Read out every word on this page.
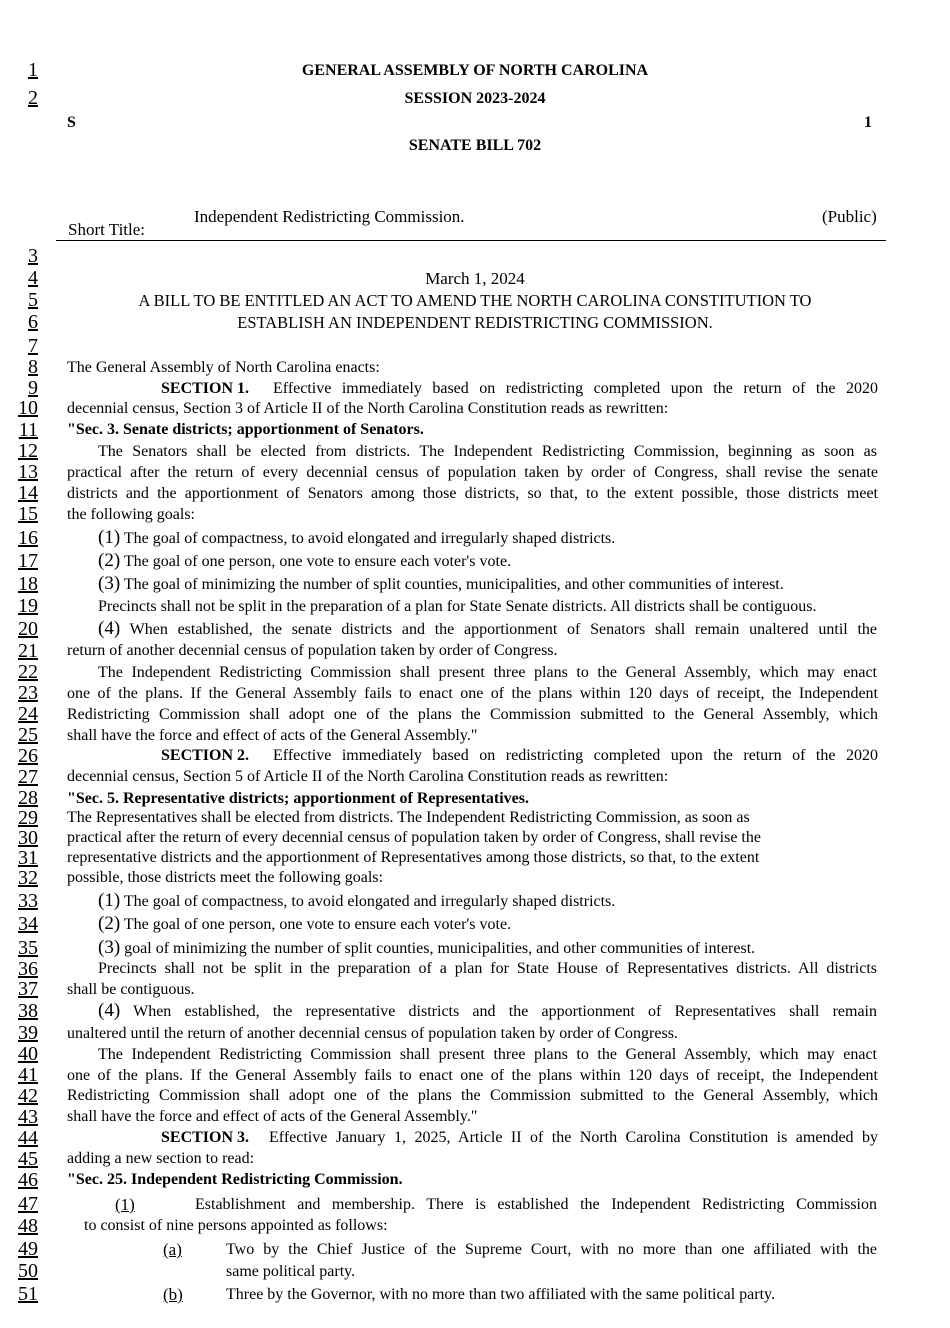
1
2
3
4
5
6
7
8
9
10
11
12
13
14
15
16
17
18
19
20
21
22
23
24
25
26
27
28
29
30
31
32
33
34
35
36
37
38
39
40
41
42
43
44
45
46
47
48
49
50
51
GENERAL ASSEMBLY OF NORTH CAROLINA
SESSION 2023-2024
S	1
SENATE BILL 702
Short Title:
Independent Redistricting Commission.	(Public)
March 1, 2024
A BILL TO BE ENTITLED AN ACT TO AMEND THE NORTH CAROLINA CONSTITUTION TO
ESTABLISH AN INDEPENDENT REDISTRICTING COMMISSION.
The General Assembly of North Carolina enacts:
SECTION 1. Effective immediately based on redistricting completed upon the return of the 2020
decennial census, Section 3 of Article II of the North Carolina Constitution reads as rewritten:
"Sec. 3. Senate districts; apportionment of Senators.
The Senators shall be elected from districts. The Independent Redistricting Commission, beginning as soon as
practical after the return of every decennial census of population taken by order of Congress, shall revise the senate
districts and the apportionment of Senators among those districts, so that, to the extent possible, those districts meet
the following goals:
(1) The goal of compactness, to avoid elongated and irregularly shaped districts.
(2) The goal of one person, one vote to ensure each voter's vote.
(3) The goal of minimizing the number of split counties, municipalities, and other communities of interest.
Precincts shall not be split in the preparation of a plan for State Senate districts. All districts shall be contiguous.
(4) When established, the senate districts and the apportionment of Senators shall remain unaltered until the
return of another decennial census of population taken by order of Congress.
The Independent Redistricting Commission shall present three plans to the General Assembly, which may enact
one of the plans. If the General Assembly fails to enact one of the plans within 120 days of receipt, the Independent
Redistricting Commission shall adopt one of the plans the Commission submitted to the General Assembly, which
shall have the force and effect of acts of the General Assembly."
SECTION 2. Effective immediately based on redistricting completed upon the return of the 2020
decennial census, Section 5 of Article II of the North Carolina Constitution reads as rewritten:
"Sec. 5. Representative districts; apportionment of Representatives.
The Representatives shall be elected from districts. The Independent Redistricting Commission, as soon as
practical after the return of every decennial census of population taken by order of Congress, shall revise the
representative districts and the apportionment of Representatives among those districts, so that, to the extent
possible, those districts meet the following goals:
(1) The goal of compactness, to avoid elongated and irregularly shaped districts.
(2) The goal of one person, one vote to ensure each voter's vote.
(3) goal of minimizing the number of split counties, municipalities, and other communities of interest.
Precincts shall not be split in the preparation of a plan for State House of Representatives districts. All districts
shall be contiguous.
(4) When established, the representative districts and the apportionment of Representatives shall remain
unaltered until the return of another decennial census of population taken by order of Congress.
The Independent Redistricting Commission shall present three plans to the General Assembly, which may enact
one of the plans. If the General Assembly fails to enact one of the plans within 120 days of receipt, the Independent
Redistricting Commission shall adopt one of the plans the Commission submitted to the General Assembly, which
shall have the force and effect of acts of the General Assembly."
SECTION 3. Effective January 1, 2025, Article II of the North Carolina Constitution is amended by
adding a new section to read:
"Sec. 25. Independent Redistricting Commission.
(1)	Establishment and membership. There is established the Independent Redistricting Commission
to consist of nine persons appointed as follows:
(a)	Two by the Chief Justice of the Supreme Court, with no more than one affiliated with the
same political party.
(b)	Three by the Governor, with no more than two affiliated with the same political party.
